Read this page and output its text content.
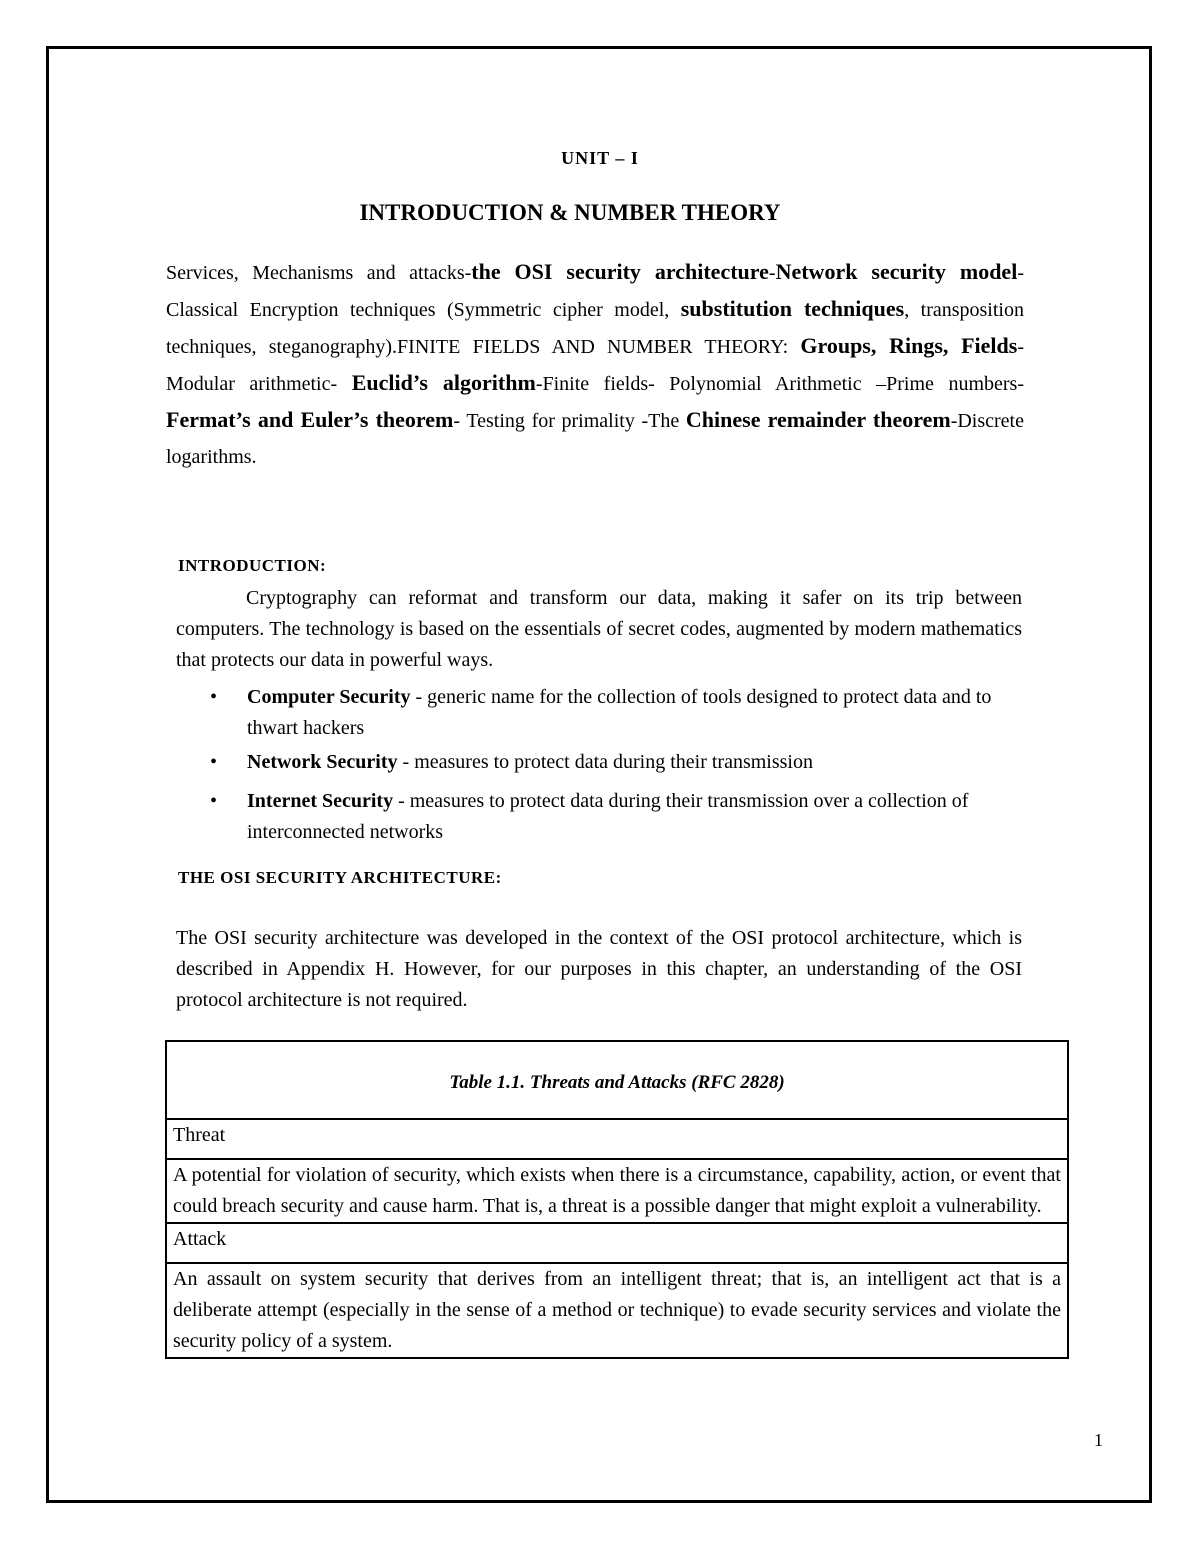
UNIT – I
INTRODUCTION & NUMBER THEORY
Services, Mechanisms and attacks-the OSI security architecture-Network security model-Classical Encryption techniques (Symmetric cipher model, substitution techniques, transposition techniques, steganography).FINITE FIELDS AND NUMBER THEORY: Groups, Rings, Fields-Modular arithmetic- Euclid’s algorithm-Finite fields- Polynomial Arithmetic –Prime numbers-Fermat’s and Euler’s theorem- Testing for primality -The Chinese remainder theorem-Discrete logarithms.
INTRODUCTION:
Cryptography can reformat and transform our data, making it safer on its trip between computers. The technology is based on the essentials of secret codes, augmented by modern mathematics that protects our data in powerful ways.
• Computer Security - generic name for the collection of tools designed to protect data and to thwart hackers
• Network Security - measures to protect data during their transmission
• Internet Security - measures to protect data during their transmission over a collection of interconnected networks
THE OSI SECURITY ARCHITECTURE:
The OSI security architecture was developed in the context of the OSI protocol architecture, which is described in Appendix H. However, for our purposes in this chapter, an understanding of the OSI protocol architecture is not required.
Table 1.1. Threats and Attacks (RFC 2828)
Threat
A potential for violation of security, which exists when there is a circumstance, capability, action, or event that could breach security and cause harm. That is, a threat is a possible danger that might exploit a vulnerability.
Attack
An assault on system security that derives from an intelligent threat; that is, an intelligent act that is a deliberate attempt (especially in the sense of a method or technique) to evade security services and violate the security policy of a system.
1
